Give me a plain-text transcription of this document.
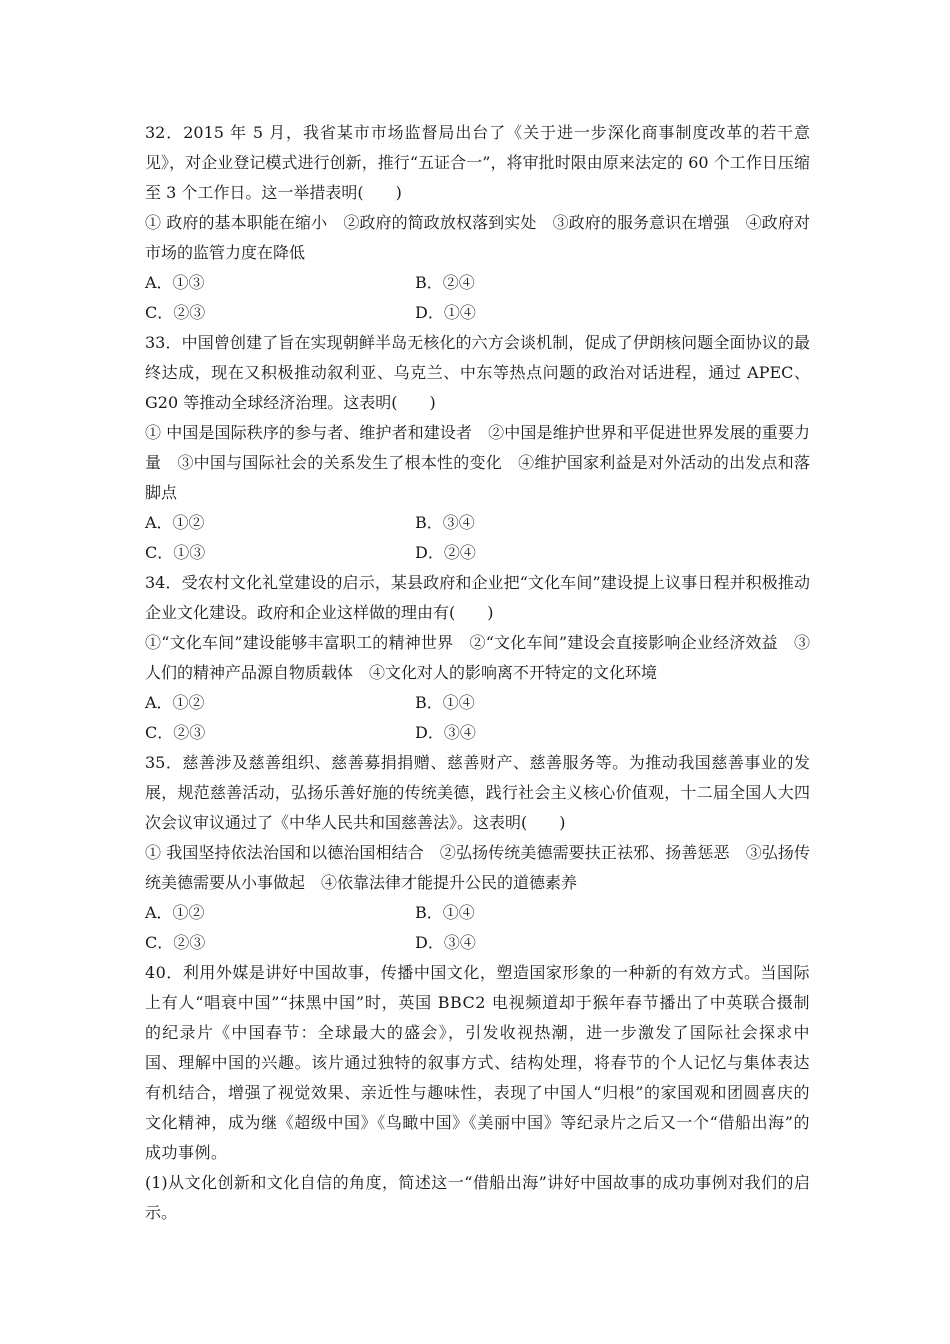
32．2015 年 5 月，我省某市市场监督局出台了《关于进一步深化商事制度改革的若干意见》，对企业登记模式进行创新，推行“五证合一”，将审批时限由原来法定的 60 个工作日压缩至 3 个工作日。这一举措表明(　　)
① 政府的基本职能在缩小　②政府的简政放权落到实处　③政府的服务意识在增强　④政府对市场的监管力度在降低
A．①③	B．②④
C．②③	D．①④
33．中国曾创建了旨在实现朝鲜半岛无核化的六方会谈机制，促成了伊朗核问题全面协议的最终达成，现在又积极推动叙利亚、乌克兰、中东等热点问题的政治对话进程，通过 APEC、G20 等推动全球经济治理。这表明(　　)
① 中国是国际秩序的参与者、维护者和建设者　②中国是维护世界和平促进世界发展的重要力量　③中国与国际社会的关系发生了根本性的变化　④维护国家利益是对外活动的出发点和落脚点
A．①②	B．③④
C．①③	D．②④
34．受农村文化礼堂建设的启示，某县政府和企业把“文化车间”建设提上议事日程并积极推动企业文化建设。政府和企业这样做的理由有(　　)
①“文化车间”建设能够丰富职工的精神世界　②“文化车间”建设会直接影响企业经济效益　③人们的精神产品源自物质载体　④文化对人的影响离不开特定的文化环境
A．①②	B．①④
C．②③	D．③④
35．慈善涉及慈善组织、慈善募捐捐赠、慈善财产、慈善服务等。为推动我国慈善事业的发展，规范慈善活动，弘扬乐善好施的传统美德，践行社会主义核心价值观，十二届全国人大四次会议审议通过了《中华人民共和国慈善法》。这表明(　　)
① 我国坚持依法治国和以德治国相结合　②弘扬传统美德需要扶正祛邪、扬善惩恶　③弘扬传统美德需要从小事做起　④依靠法律才能提升公民的道德素养
A．①②	B．①④
C．②③	D．③④
40．利用外媒是讲好中国故事，传播中国文化，塑造国家形象的一种新的有效方式。当国际上有人“唱衰中国”“抹黑中国”时，英国 BBC2 电视频道却于猴年春节播出了中英联合摄制的纪录片《中国春节：全球最大的盛会》，引发收视热潮，进一步激发了国际社会探求中国、理解中国的兴趣。该片通过独特的叙事方式、结构处理，将春节的个人记忆与集体表达有机结合，增强了视觉效果、亲近性与趣味性，表现了中国人“归根”的家国观和团圆喜庆的文化精神，成为继《超级中国》《鸟瞰中国》《美丽中国》等纪录片之后又一个“借船出海”的成功事例。
(1)从文化创新和文化自信的角度，简述这一“借船出海”讲好中国故事的成功事例对我们的启示。
